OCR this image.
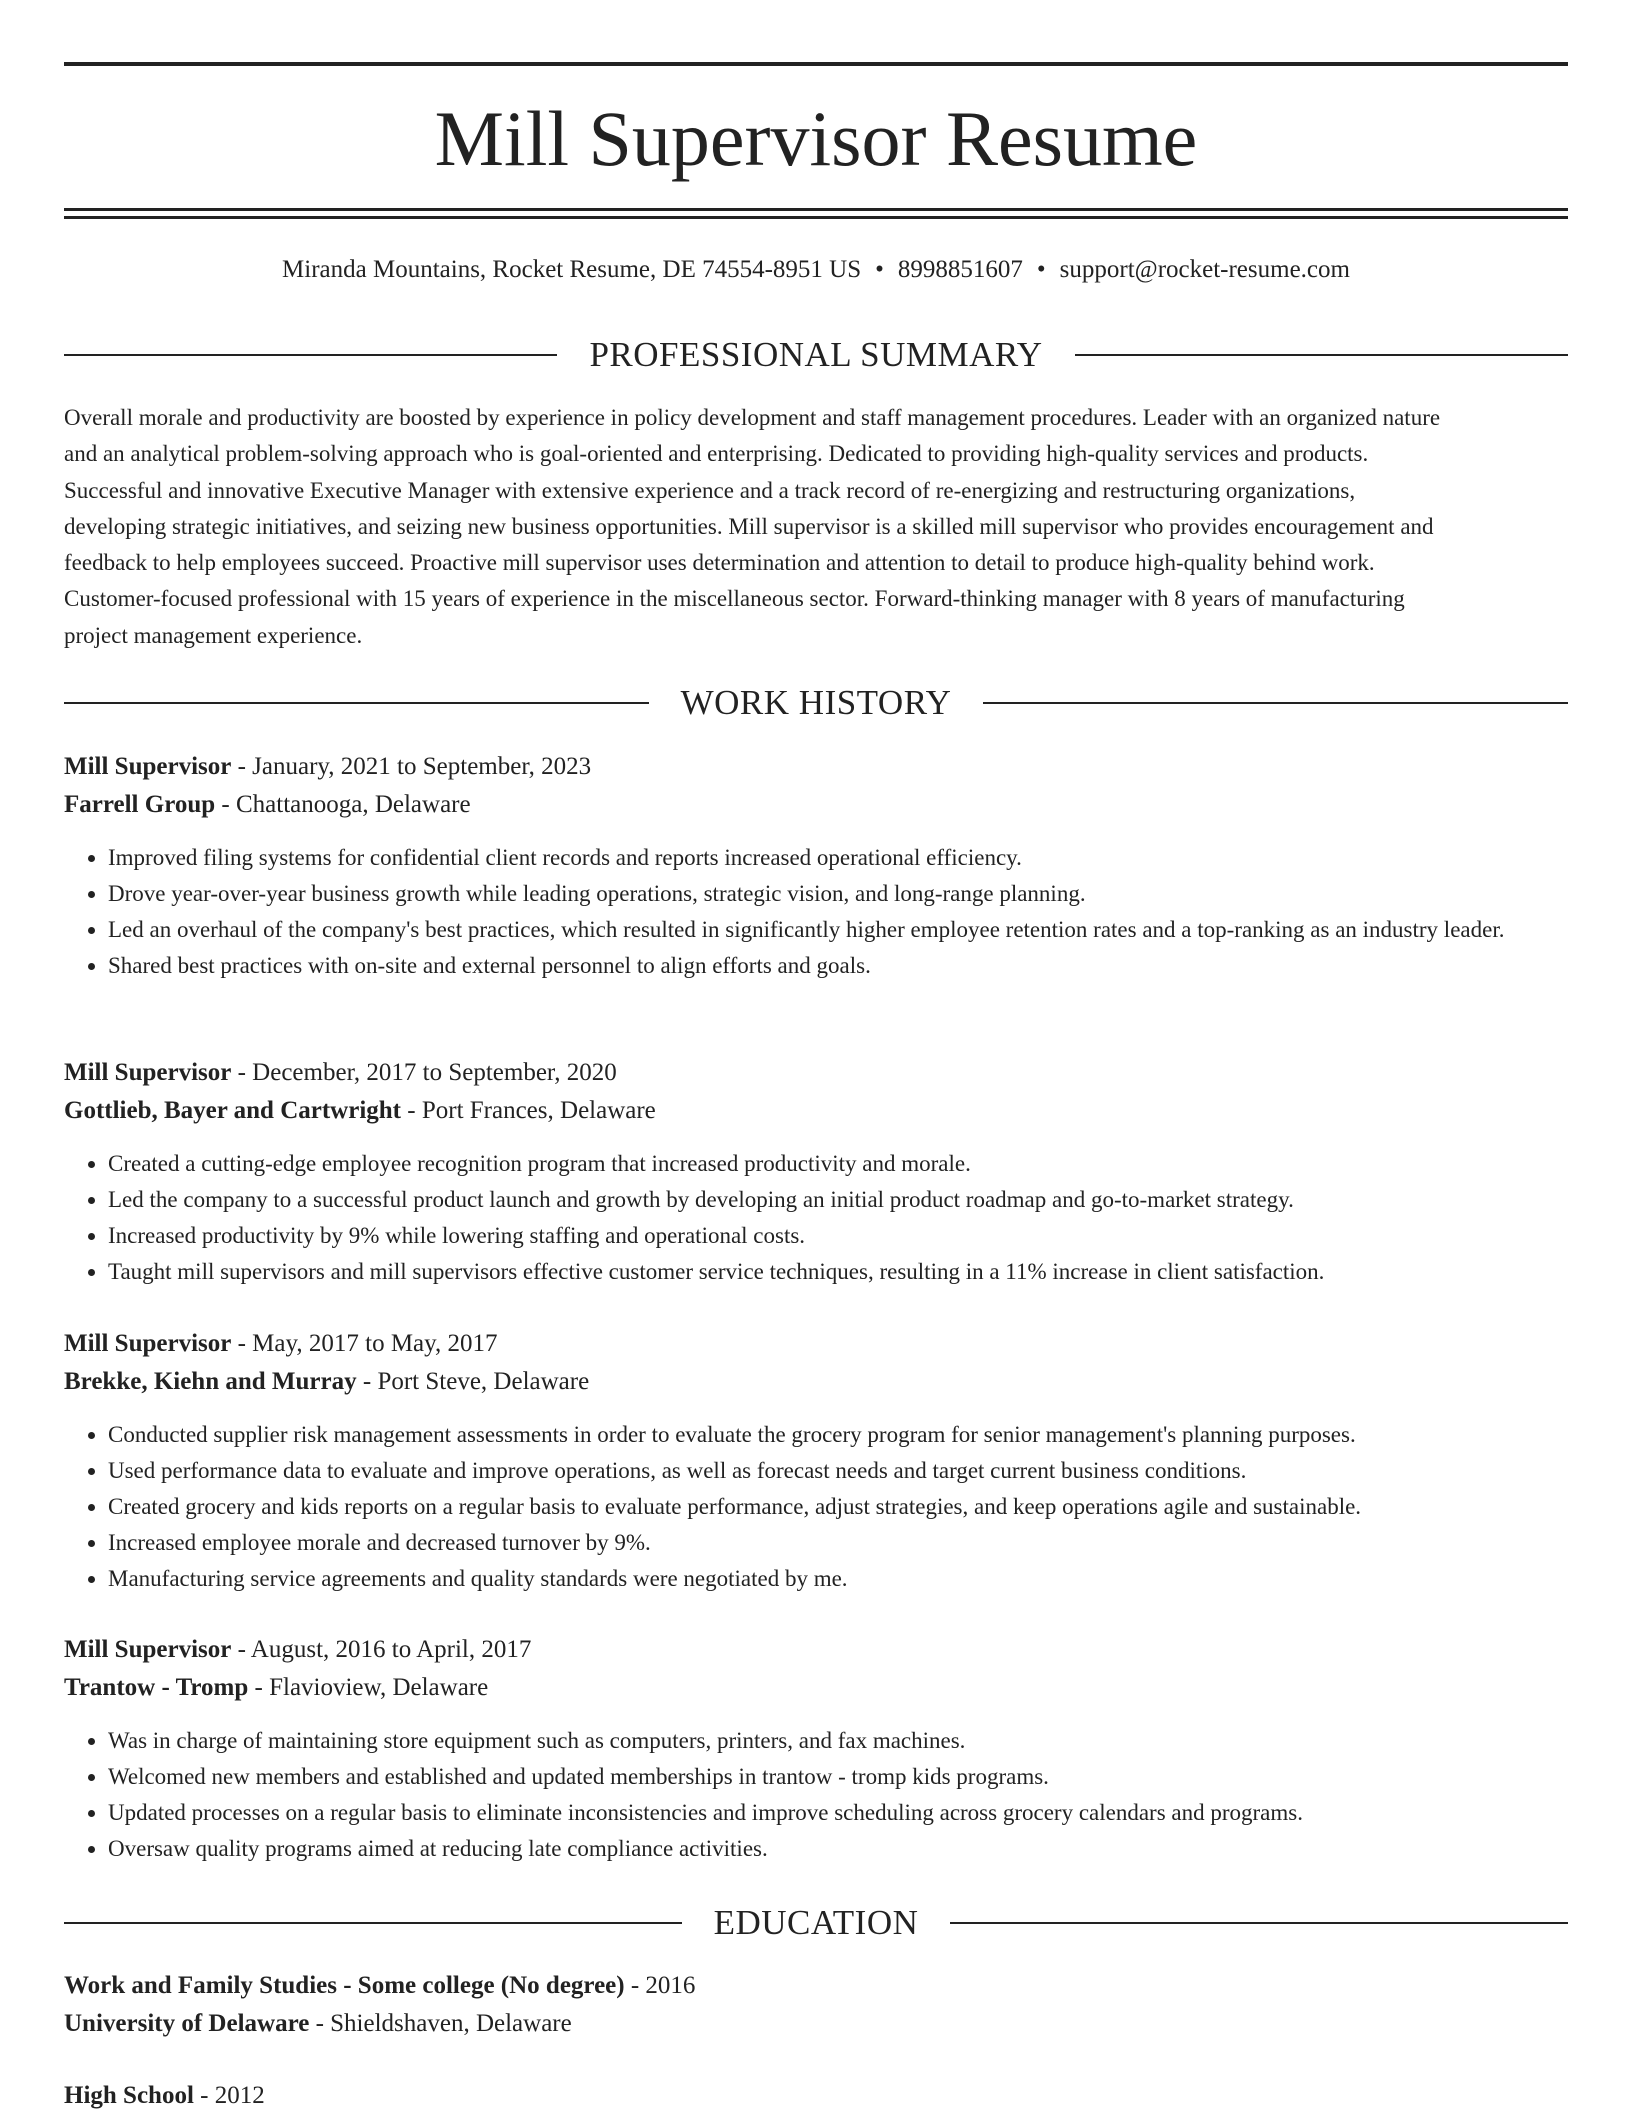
Mill Supervisor Resume
Miranda Mountains, Rocket Resume, DE 74554-8951 US • 8998851607 • support@rocket-resume.com
PROFESSIONAL SUMMARY
Overall morale and productivity are boosted by experience in policy development and staff management procedures. Leader with an organized nature
and an analytical problem-solving approach who is goal-oriented and enterprising. Dedicated to providing high-quality services and products.
Successful and innovative Executive Manager with extensive experience and a track record of re-energizing and restructuring organizations,
developing strategic initiatives, and seizing new business opportunities. Mill supervisor is a skilled mill supervisor who provides encouragement and
feedback to help employees succeed. Proactive mill supervisor uses determination and attention to detail to produce high-quality behind work.
Customer-focused professional with 15 years of experience in the miscellaneous sector. Forward-thinking manager with 8 years of manufacturing
project management experience.
WORK HISTORY
Mill Supervisor - January, 2021 to September, 2023
Farrell Group - Chattanooga, Delaware
• Improved filing systems for confidential client records and reports increased operational efficiency.
• Drove year-over-year business growth while leading operations, strategic vision, and long-range planning.
• Led an overhaul of the company's best practices, which resulted in significantly higher employee retention rates and a top-ranking as an industry leader.
• Shared best practices with on-site and external personnel to align efforts and goals.
Mill Supervisor - December, 2017 to September, 2020
Gottlieb, Bayer and Cartwright - Port Frances, Delaware
• Created a cutting-edge employee recognition program that increased productivity and morale.
• Led the company to a successful product launch and growth by developing an initial product roadmap and go-to-market strategy.
• Increased productivity by 9% while lowering staffing and operational costs.
• Taught mill supervisors and mill supervisors effective customer service techniques, resulting in a 11% increase in client satisfaction.
Mill Supervisor - May, 2017 to May, 2017
Brekke, Kiehn and Murray - Port Steve, Delaware
• Conducted supplier risk management assessments in order to evaluate the grocery program for senior management's planning purposes.
• Used performance data to evaluate and improve operations, as well as forecast needs and target current business conditions.
• Created grocery and kids reports on a regular basis to evaluate performance, adjust strategies, and keep operations agile and sustainable.
• Increased employee morale and decreased turnover by 9%.
• Manufacturing service agreements and quality standards were negotiated by me.
Mill Supervisor - August, 2016 to April, 2017
Trantow - Tromp - Flavioview, Delaware
• Was in charge of maintaining store equipment such as computers, printers, and fax machines.
• Welcomed new members and established and updated memberships in trantow - tromp kids programs.
• Updated processes on a regular basis to eliminate inconsistencies and improve scheduling across grocery calendars and programs.
• Oversaw quality programs aimed at reducing late compliance activities.
EDUCATION
Work and Family Studies - Some college (No degree) - 2016
University of Delaware - Shieldshaven, Delaware
High School - 2012
